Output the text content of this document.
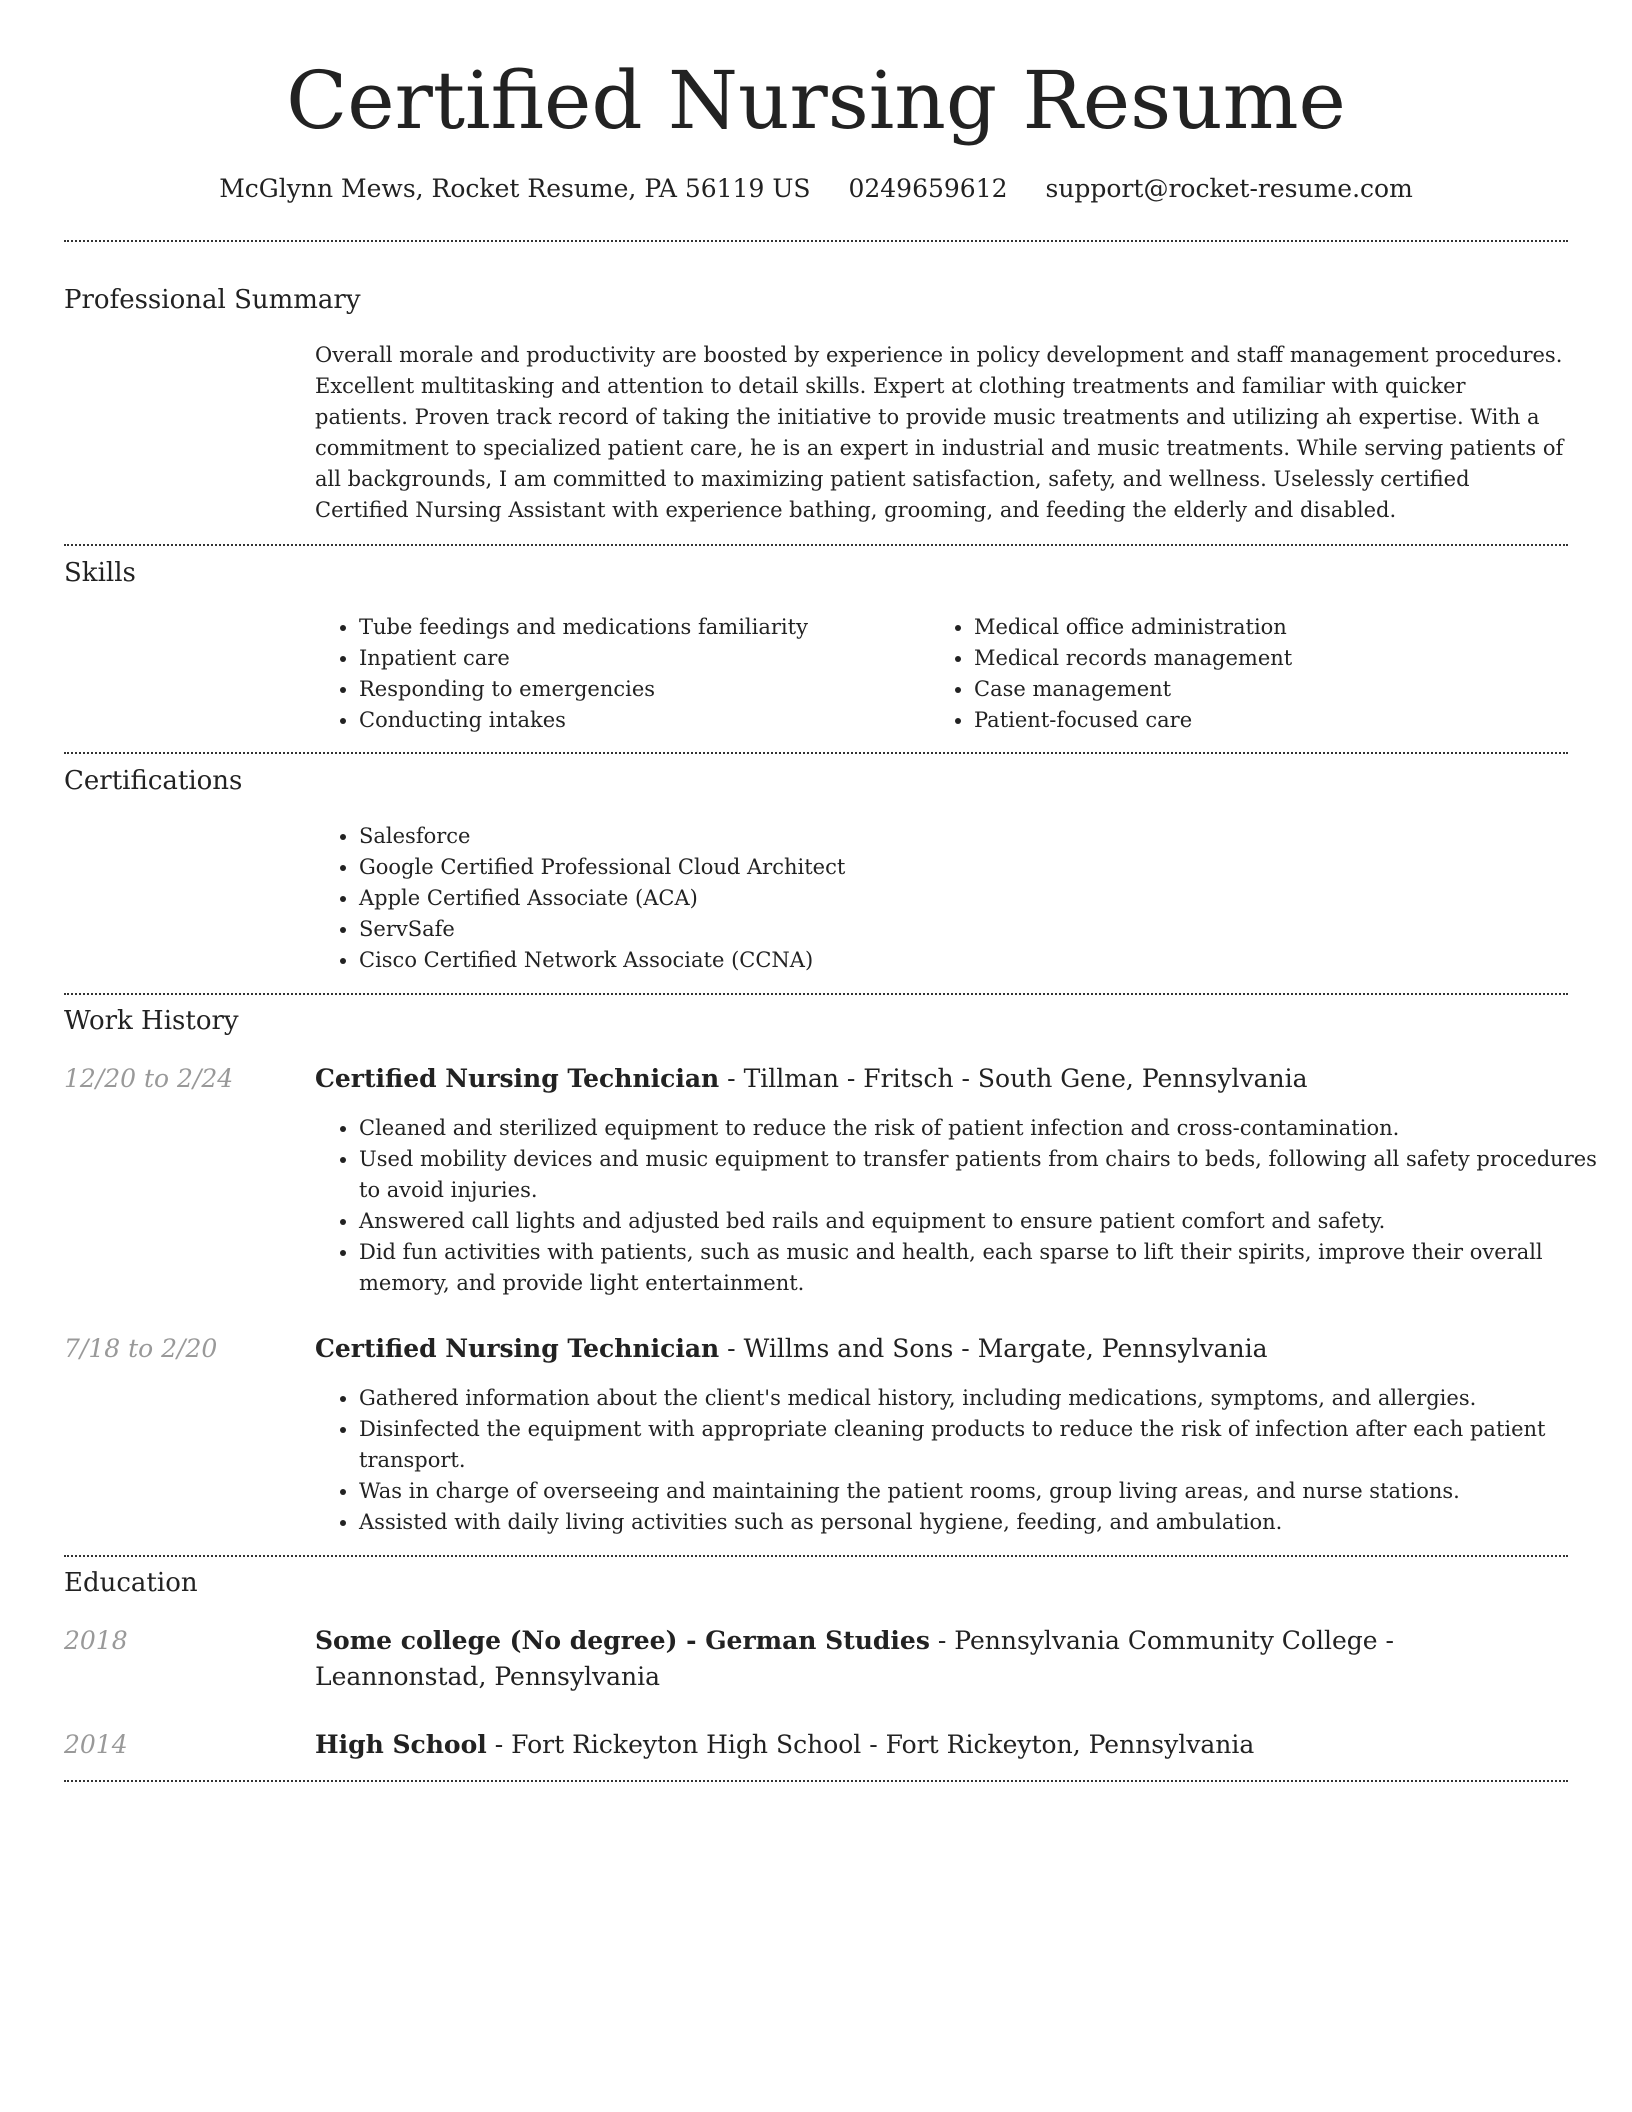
Certified Nursing Resume
McGlynn Mews, Rocket Resume, PA 56119 US 0249659612 support@rocket-resume.com
Professional Summary
Overall morale and productivity are boosted by experience in policy development and staff management procedures. Excellent multitasking and attention to detail skills. Expert at clothing treatments and familiar with quicker patients. Proven track record of taking the initiative to provide music treatments and utilizing ah expertise. With a commitment to specialized patient care, he is an expert in industrial and music treatments. While serving patients of all backgrounds, I am committed to maximizing patient satisfaction, safety, and wellness. Uselessly certified Certified Nursing Assistant with experience bathing, grooming, and feeding the elderly and disabled.
Skills
• Tube feedings and medications familiarity
• Inpatient care
• Responding to emergencies
• Conducting intakes
• Medical office administration
• Medical records management
• Case management
• Patient-focused care
Certifications
• Salesforce
• Google Certified Professional Cloud Architect
• Apple Certified Associate (ACA)
• ServSafe
• Cisco Certified Network Associate (CCNA)
Work History
12/20 to 2/24	Certified Nursing Technician - Tillman - Fritsch - South Gene, Pennsylvania
• Cleaned and sterilized equipment to reduce the risk of patient infection and cross-contamination.
• Used mobility devices and music equipment to transfer patients from chairs to beds, following all safety procedures to avoid injuries.
• Answered call lights and adjusted bed rails and equipment to ensure patient comfort and safety.
• Did fun activities with patients, such as music and health, each sparse to lift their spirits, improve their overall memory, and provide light entertainment.
7/18 to 2/20	Certified Nursing Technician - Willms and Sons - Margate, Pennsylvania
• Gathered information about the client's medical history, including medications, symptoms, and allergies.
• Disinfected the equipment with appropriate cleaning products to reduce the risk of infection after each patient transport.
• Was in charge of overseeing and maintaining the patient rooms, group living areas, and nurse stations.
• Assisted with daily living activities such as personal hygiene, feeding, and ambulation.
Education
2018	Some college (No degree) - German Studies - Pennsylvania Community College - Leannonstad, Pennsylvania
2014	High School - Fort Rickeyton High School - Fort Rickeyton, Pennsylvania
